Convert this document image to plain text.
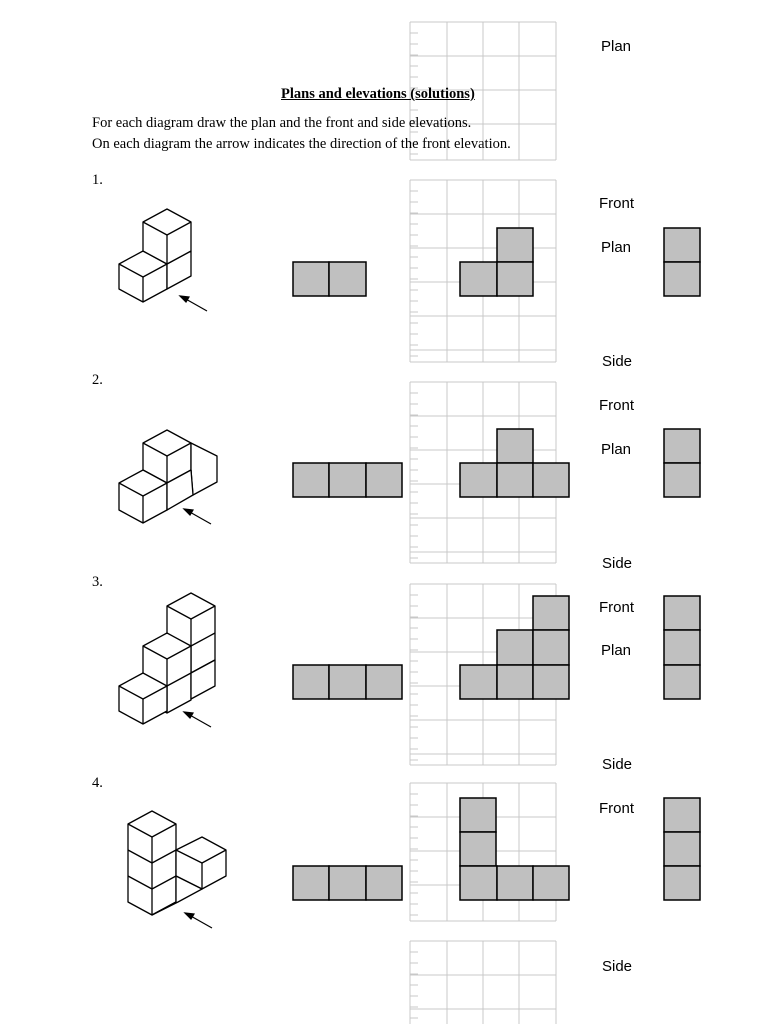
Plan
Plans and elevations (solutions)
For each diagram draw the plan and the front and side elevations.
On each diagram the arrow indicates the direction of the front elevation.
1.
Front
Plan
Side
2.
Front
Plan
Side
3.
Front
Plan
Side
4.
Front
Side
